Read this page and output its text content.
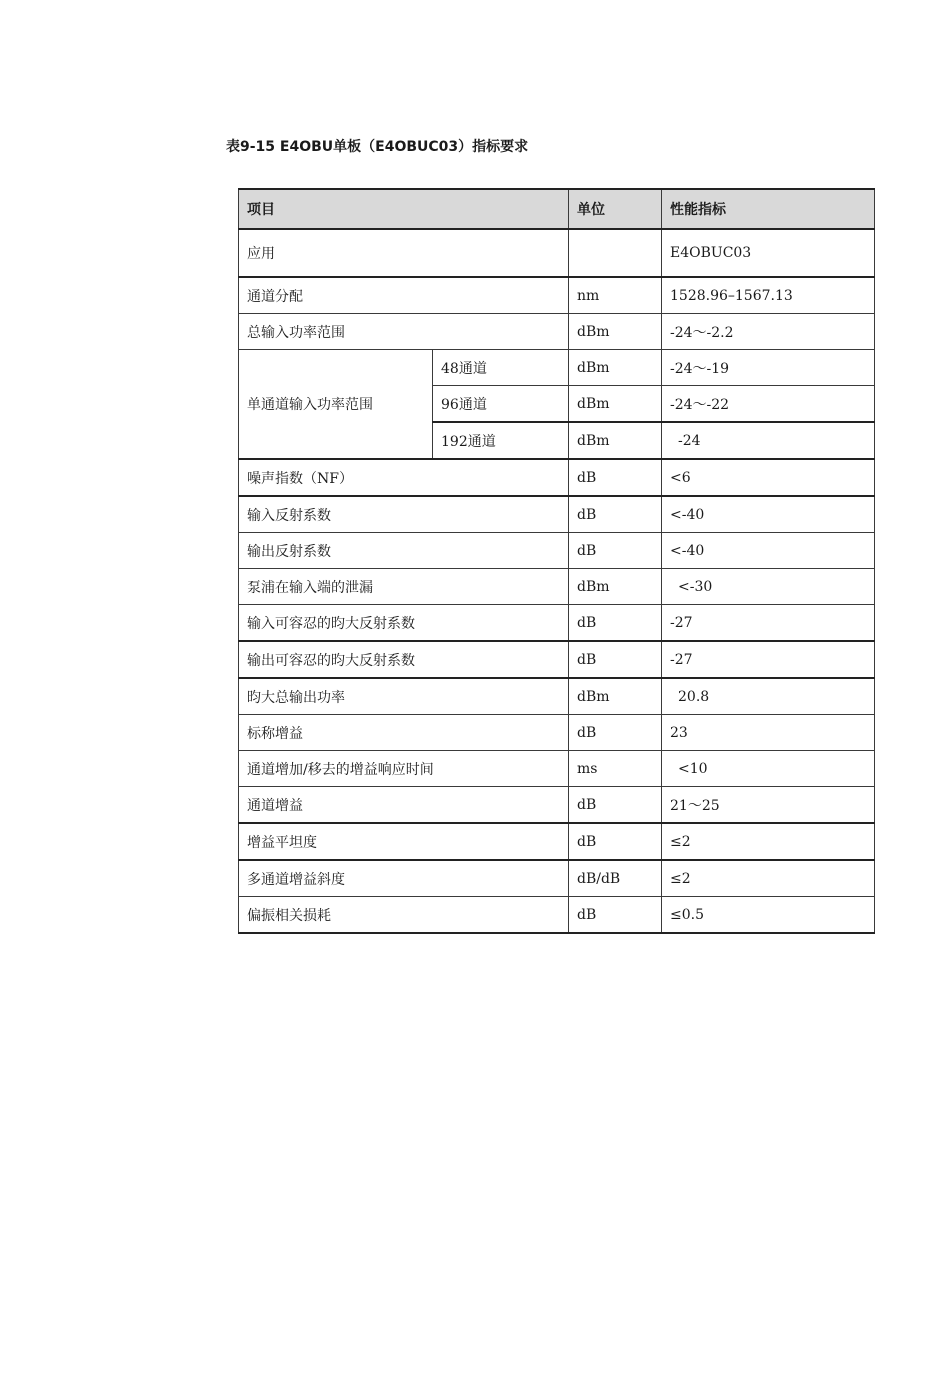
表9-15 E4OBU单板（E4OBUC03）指标要求
项目		单位	性能指标
应用			E4OBUC03
通道分配		nm	1528.96–1567.13
总输入功率范围		dBm	-24～-2.2
单通道输入功率范围	48通道	dBm	-24～-19
	96通道	dBm	-24～-22
	192通道	dBm	-24
噪声指数（NF）		dB	<6
输入反射系数		dB	<-40
输出反射系数		dB	<-40
泵浦在输入端的泄漏		dBm	<-30
输入可容忍的昀大反射系数		dB	-27
输出可容忍的昀大反射系数		dB	-27
昀大总输出功率		dBm	20.8
标称增益		dB	23
通道增加/移去的增益响应时间		ms	<10
通道增益		dB	21～25
增益平坦度		dB	≤2
多通道增益斜度		dB/dB	≤2
偏振相关损耗		dB	≤0.5
